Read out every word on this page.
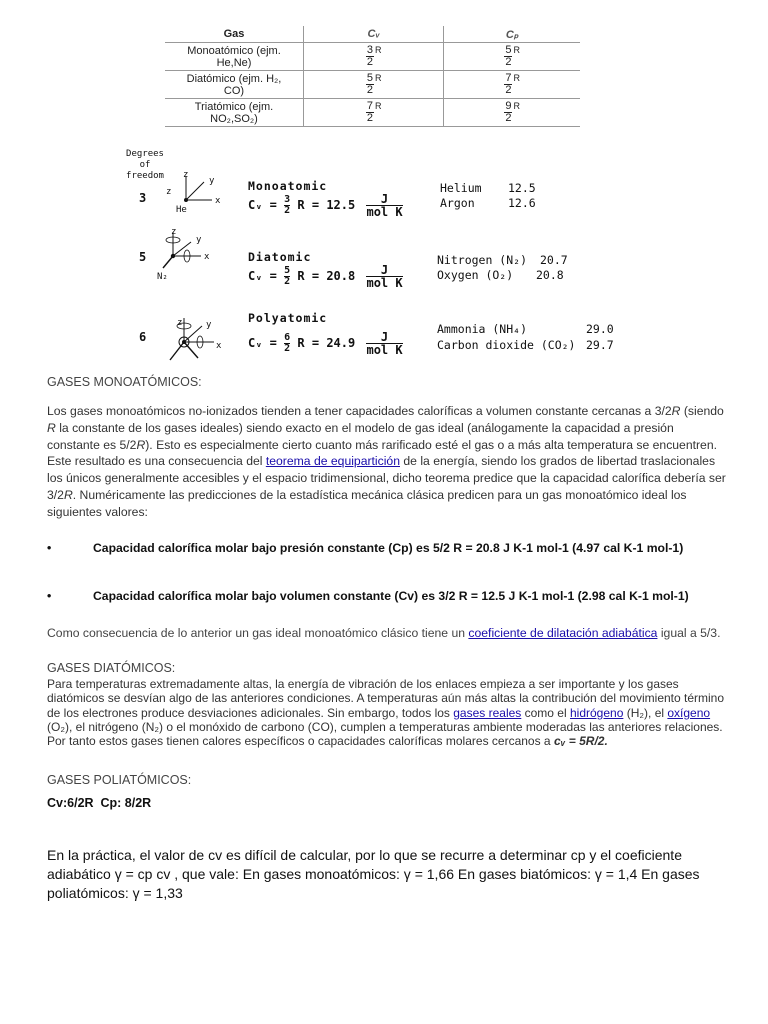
Gas	Cᵥ	Cₚ
Monoatómico (ejm.
He,Ne)	$\frac{3}{2} ^R$	$\frac{5}{2} ^R$
Diatómico (ejm. H₂,
CO)	$\frac{5}{2} ^R$	$\frac{7}{2} ^R$
Triatómico (ejm.
NO₂,SO₂)	$\frac{7}{2} ^R$	$\frac{9}{2} ^R$
Degrees
of
freedom
3
z
z
y
x
He
Monoatomic
Cᵥ = $\frac{3}{2}$ R = 12.5	J
mol K
Helium 12.5
Argon	12.6
5
z
y
x
N₂
Diatomic
Cᵥ = $\frac{5}{2}$ R = 20.8	J
mol K
Nitrogen (N₂) 20.7
Oxygen (O₂) 20.8
6
z	y
x
Polyatomic
Cᵥ = $\frac{6}{2}$ R = 24.9	J
mol K
Ammonia (NH₄)	29.0
Carbon dioxide (CO₂) 29.7
GASES MONOATÓMICOS:
Los gases monoatómicos no-ionizados tienden a tener capacidades caloríficas a volumen constante cercanas a 3/2R (siendo R la constante de los gases ideales) siendo exacto en el modelo de gas ideal (análogamente la capacidad a presión constante es 5/2R). Esto es especialmente cierto cuanto más rarificado esté el gas o a más alta temperatura se encuentren. Este resultado es una consecuencia del teorema de equipartición de la energía, siendo los grados de libertad traslacionales los únicos generalmente accesibles y el espacio tridimensional, dicho teorema predice que la capacidad calorífica debería ser 3/2R. Numéricamente las predicciones de la estadística mecánica clásica predicen para un gas monoatómico ideal los siguientes valores:
•	Capacidad calorífica molar bajo presión constante (Cp) es 5/2 R = 20.8 J K-1 mol-1 (4.97 cal K-1 mol-1)
•	Capacidad calorífica molar bajo volumen constante (Cv) es 3/2 R = 12.5 J K-1 mol-1 (2.98 cal K-1 mol-1)
Como consecuencia de lo anterior un gas ideal monoatómico clásico tiene un coeficiente de dilatación adiabática igual a 5/3.
GASES DIATÓMICOS:
Para temperaturas extremadamente altas, la energía de vibración de los enlaces empieza a ser importante y los gases diatómicos se desvían algo de las anteriores condiciones. A temperaturas aún más altas la contribución del movimiento término de los electrones produce desviaciones adicionales. Sin embargo, todos los gases reales como el hidrógeno (H₂), el oxígeno (O₂), el nitrógeno (N₂) o el monóxido de carbono (CO), cumplen a temperaturas ambiente moderadas las anteriores relaciones. Por tanto estos gases tienen calores específicos o capacidades caloríficas molares cercanos a cᵥ = 5R/2.
GASES POLIATÓMICOS:
Cv:6/2R  Cp: 8/2R
En la práctica, el valor de cv es difícil de calcular, por lo que se recurre a determinar cp y el coeficiente adiabático γ = cp cv , que vale: En gases monoatómicos: γ = 1,66 En gases biatómicos: γ = 1,4 En gases poliatómicos: γ = 1,33
